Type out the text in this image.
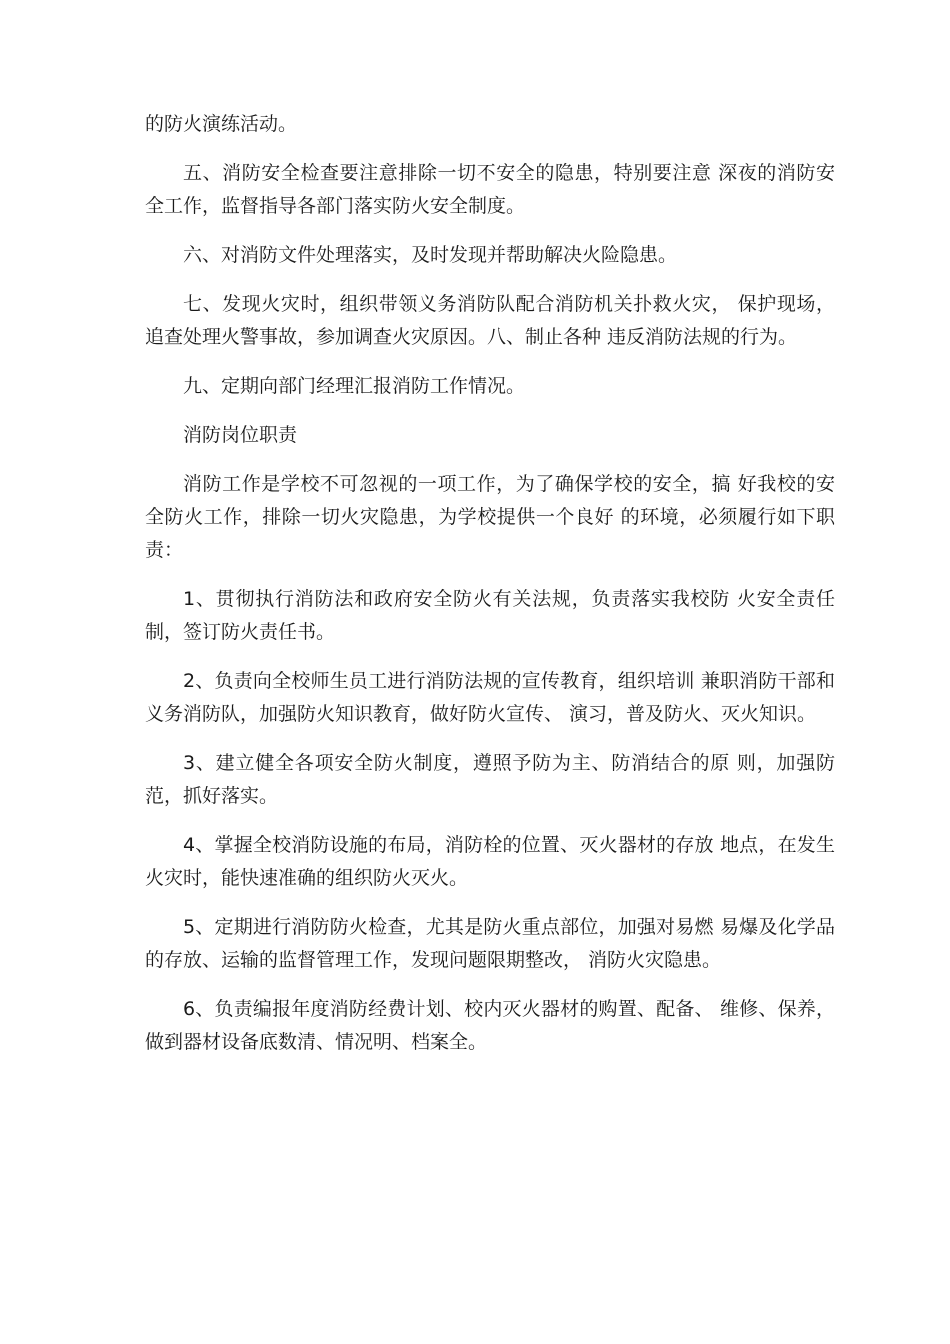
的防火演练活动。

五、消防安全检查要注意排除一切不安全的隐患，特别要注意 深夜的消防安全工作，监督指导各部门落实防火安全制度。

六、对消防文件处理落实，及时发现并帮助解决火险隐患。

七、发现火灾时，组织带领义务消防队配合消防机关扑救火灾， 保护现场，追查处理火警事故，参加调查火灾原因。八、制止各种 违反消防法规的行为。

九、定期向部门经理汇报消防工作情况。

消防岗位职责

消防工作是学校不可忽视的一项工作，为了确保学校的安全，搞 好我校的安全防火工作，排除一切火灾隐患，为学校提供一个良好 的环境，必须履行如下职责：

1、贯彻执行消防法和政府安全防火有关法规，负责落实我校防 火安全责任制，签订防火责任书。

2、负责向全校师生员工进行消防法规的宣传教育，组织培训 兼职消防干部和义务消防队，加强防火知识教育，做好防火宣传、 演习，普及防火、灭火知识。

3、建立健全各项安全防火制度，遵照予防为主、防消结合的原 则，加强防范，抓好落实。

4、掌握全校消防设施的布局，消防栓的位置、灭火器材的存放 地点，在发生火灾时，能快速准确的组织防火灭火。

5、定期进行消防防火检查，尤其是防火重点部位，加强对易燃 易爆及化学品的存放、运输的监督管理工作，发现问题限期整改， 消防火灾隐患。

6、负责编报年度消防经费计划、校内灭火器材的购置、配备、 维修、保养，做到器材设备底数清、情况明、档案全。
